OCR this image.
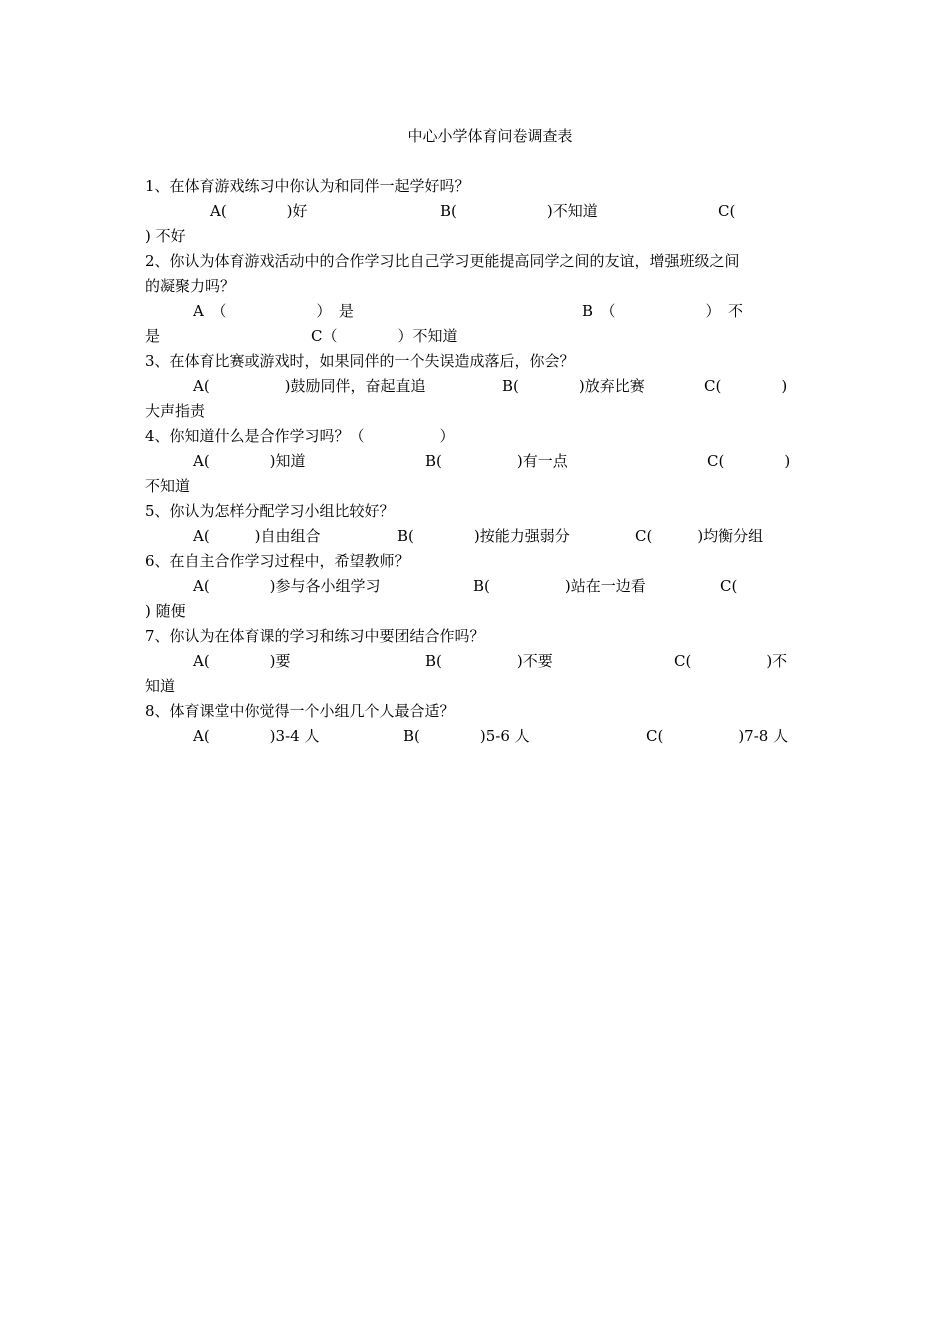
中心小学体育问卷调查表
1、在体育游戏练习中你认为和同伴一起学好吗？
A(　　　　)好	B(　　　　　　)不知道	C(
) 不好
2、你认为体育游戏活动中的合作学习比自己学习更能提高同学之间的友谊，增强班级之间
的凝聚力吗？
A　（　　　　　　）　是	B　（　　　　　　）　不
是	C（　　　　）不知道
3、在体育比赛或游戏时，如果同伴的一个失误造成落后，你会？
A(　　　　　)鼓励同伴，奋起直追	B(　　　　)放弃比赛	C(　　　　)
大声指责
4、你知道什么是合作学习吗？（　　　　　）
A(　　　　)知道	B(　　　　　)有一点	C(　　　　)
不知道
5、你认为怎样分配学习小组比较好？
A(　　　)自由组合	B(　　　　)按能力强弱分	C(　　　)均衡分组
6、在自主合作学习过程中，希望教师？
A(　　　　)参与各小组学习	B(　　　　　)站在一边看	C(
) 随便
7、你认为在体育课的学习和练习中要团结合作吗？
A(　　　　)要	B(　　　　　)不要	C(　　　　　)不
知道
8、体育课堂中你觉得一个小组几个人最合适？
A(　　　　)3-4 人	B(　　　　)5-6 人	C(　　　　　)7-8 人
